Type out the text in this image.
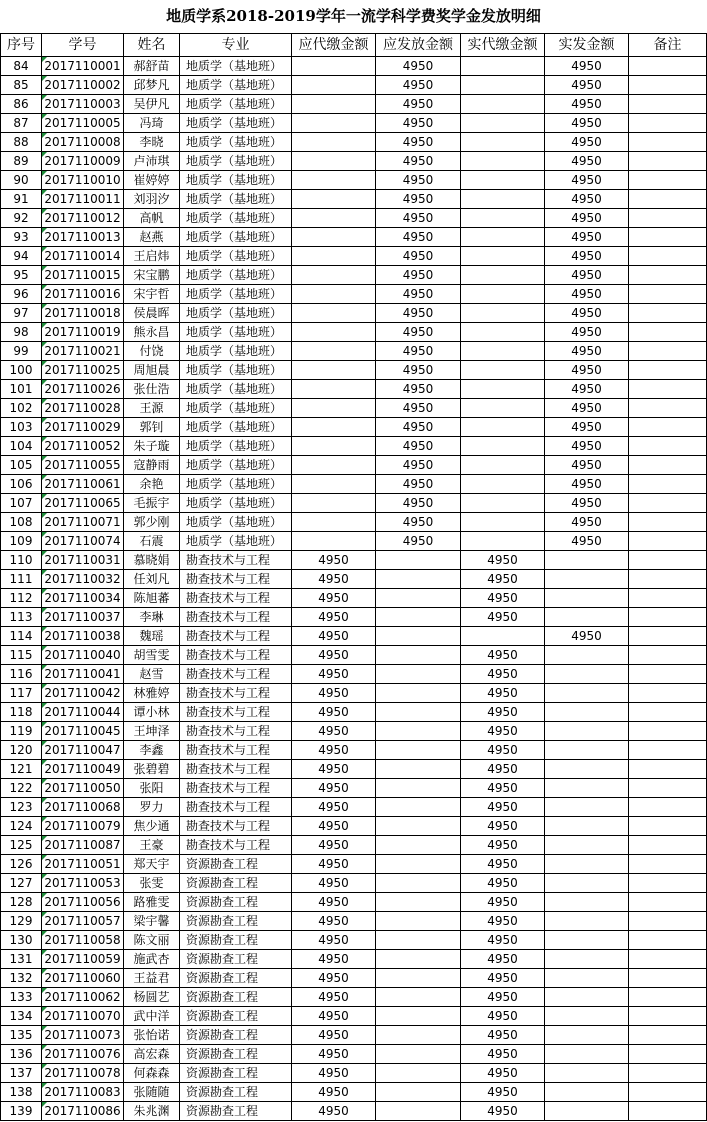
地质学系2018-2019学年一流学科学费奖学金发放明细
序号	学号	姓名	专业	应代缴金额	应发放金额	实代缴金额	实发金额	备注
84	2017110001	郝舒苗	地质学（基地班）		4950		4950	
85	2017110002	邱梦凡	地质学（基地班）		4950		4950	
86	2017110003	吴伊凡	地质学（基地班）		4950		4950	
87	2017110005	冯琦	地质学（基地班）		4950		4950	
88	2017110008	李晓	地质学（基地班）		4950		4950	
89	2017110009	卢沛琪	地质学（基地班）		4950		4950	
90	2017110010	崔婷婷	地质学（基地班）		4950		4950	
91	2017110011	刘羽汐	地质学（基地班）		4950		4950	
92	2017110012	高帆	地质学（基地班）		4950		4950	
93	2017110013	赵燕	地质学（基地班）		4950		4950	
94	2017110014	王启炜	地质学（基地班）		4950		4950	
95	2017110015	宋宝鹏	地质学（基地班）		4950		4950	
96	2017110016	宋宇哲	地质学（基地班）		4950		4950	
97	2017110018	侯晨晖	地质学（基地班）		4950		4950	
98	2017110019	熊永昌	地质学（基地班）		4950		4950	
99	2017110021	付饶	地质学（基地班）		4950		4950	
100	2017110025	周旭晨	地质学（基地班）		4950		4950	
101	2017110026	张仕浩	地质学（基地班）		4950		4950	
102	2017110028	王源	地质学（基地班）		4950		4950	
103	2017110029	郭钊	地质学（基地班）		4950		4950	
104	2017110052	朱子璇	地质学（基地班）		4950		4950	
105	2017110055	寇静雨	地质学（基地班）		4950		4950	
106	2017110061	余艳	地质学（基地班）		4950		4950	
107	2017110065	毛振宇	地质学（基地班）		4950		4950	
108	2017110071	郭少刚	地质学（基地班）		4950		4950	
109	2017110074	石震	地质学（基地班）		4950		4950	
110	2017110031	慕晓娟	勘查技术与工程	4950		4950		
111	2017110032	任刘凡	勘查技术与工程	4950		4950		
112	2017110034	陈旭蕃	勘查技术与工程	4950		4950		
113	2017110037	李琳	勘查技术与工程	4950		4950		
114	2017110038	魏瑶	勘查技术与工程	4950			4950	
115	2017110040	胡雪雯	勘查技术与工程	4950		4950		
116	2017110041	赵雪	勘查技术与工程	4950		4950		
117	2017110042	林雅婷	勘查技术与工程	4950		4950		
118	2017110044	谭小林	勘查技术与工程	4950		4950		
119	2017110045	王坤泽	勘查技术与工程	4950		4950		
120	2017110047	李鑫	勘查技术与工程	4950		4950		
121	2017110049	张碧碧	勘查技术与工程	4950		4950		
122	2017110050	张阳	勘查技术与工程	4950		4950		
123	2017110068	罗力	勘查技术与工程	4950		4950		
124	2017110079	焦少通	勘查技术与工程	4950		4950		
125	2017110087	王豪	勘查技术与工程	4950		4950		
126	2017110051	郑天宇	资源勘查工程	4950		4950		
127	2017110053	张雯	资源勘查工程	4950		4950		
128	2017110056	路雅雯	资源勘查工程	4950		4950		
129	2017110057	梁宇馨	资源勘查工程	4950		4950		
130	2017110058	陈文丽	资源勘查工程	4950		4950		
131	2017110059	施武杏	资源勘查工程	4950		4950		
132	2017110060	王益君	资源勘查工程	4950		4950		
133	2017110062	杨圆艺	资源勘查工程	4950		4950		
134	2017110070	武中洋	资源勘查工程	4950		4950		
135	2017110073	张怡诺	资源勘查工程	4950		4950		
136	2017110076	高宏森	资源勘查工程	4950		4950		
137	2017110078	何森森	资源勘查工程	4950		4950		
138	2017110083	张随随	资源勘查工程	4950		4950		
139	2017110086	朱兆渊	资源勘查工程	4950		4950		
